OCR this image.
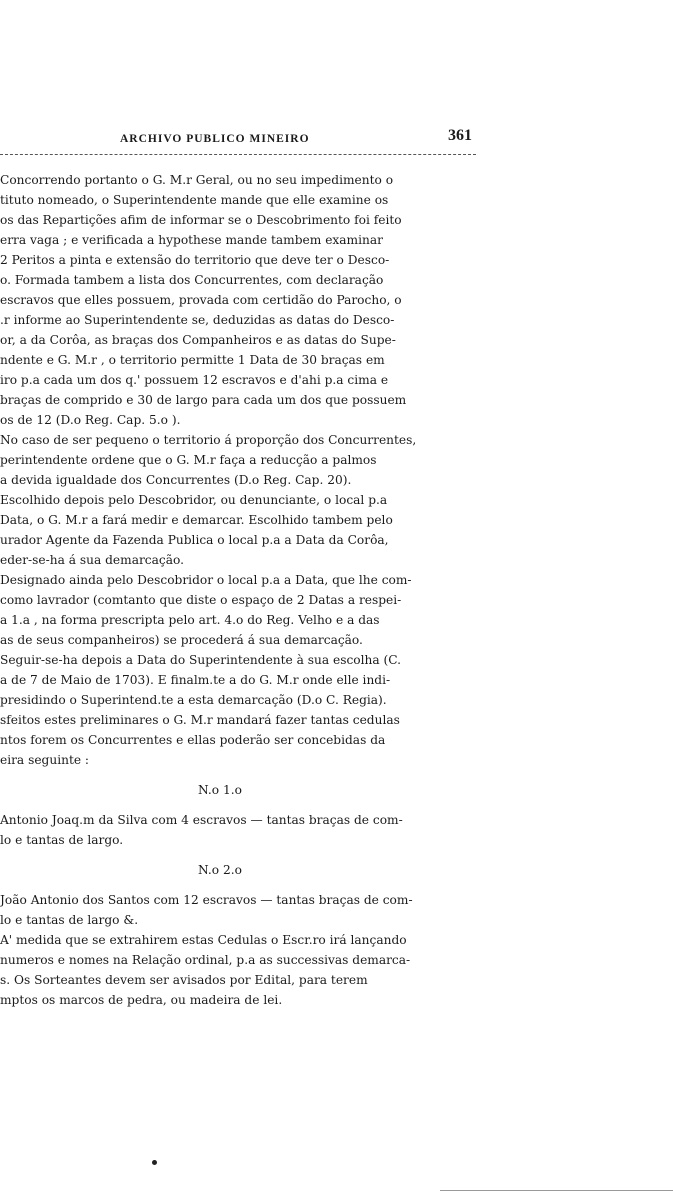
ARCHIVO PUBLICO MINEIRO	361
Concorrendo portanto o G. M.r Geral, ou no seu impedimento o
tituto nomeado, o Superintendente mande que elle examine os
os das Repartições afim de informar se o Descobrimento foi feito
erra vaga ; e verificada a hypothese mande tambem examinar
2 Peritos a pinta e extensão do territorio que deve ter o Desco-
o. Formada tambem a lista dos Concurrentes, com declaração
escravos que elles possuem, provada com certidão do Parocho, o
.r informe ao Superintendente se, deduzidas as datas do Desco-
or, a da Corôa, as braças dos Companheiros e as datas do Supe-
ndente e G. M.r , o territorio permitte 1 Data de 30 braças em
iro p.a cada um dos q.' possuem 12 escravos e d'ahi p.a cima e
braças de comprido e 30 de largo para cada um dos que possuem
os de 12 (D.o Reg. Cap. 5.o ).
No caso de ser pequeno o territorio á proporção dos Concurrentes,
perintendente ordene que o G. M.r faça a reducção a palmos
a devida igualdade dos Concurrentes (D.o Reg. Cap. 20).
Escolhido depois pelo Descobridor, ou denunciante, o local p.a
Data, o G. M.r a fará medir e demarcar. Escolhido tambem pelo
urador Agente da Fazenda Publica o local p.a a Data da Corôa,
eder-se-ha á sua demarcação.
Designado ainda pelo Descobridor o local p.a a Data, que lhe com-
como lavrador (comtanto que diste o espaço de 2 Datas a respei-
a 1.a , na forma prescripta pelo art. 4.o do Reg. Velho e a das
as de seus companheiros) se procederá á sua demarcação.
Seguir-se-ha depois a Data do Superintendente à sua escolha (C.
a de 7 de Maio de 1703). E finalm.te a do G. M.r onde elle indi-
presidindo o Superintend.te a esta demarcação (D.o C. Regia).
sfeitos estes preliminares o G. M.r mandará fazer tantas cedulas
ntos forem os Concurrentes e ellas poderão ser concebidas da
eira seguinte :
N.o 1.o
Antonio Joaq.m da Silva com 4 escravos — tantas braças de com-
lo e tantas de largo.
N.o 2.o
João Antonio dos Santos com 12 escravos — tantas braças de com-
lo e tantas de largo &.
A' medida que se extrahirem estas Cedulas o Escr.ro irá lançando
numeros e nomes na Relação ordinal, p.a as successivas demarca-
s. Os Sorteantes devem ser avisados por Edital, para terem
mptos os marcos de pedra, ou madeira de lei.
